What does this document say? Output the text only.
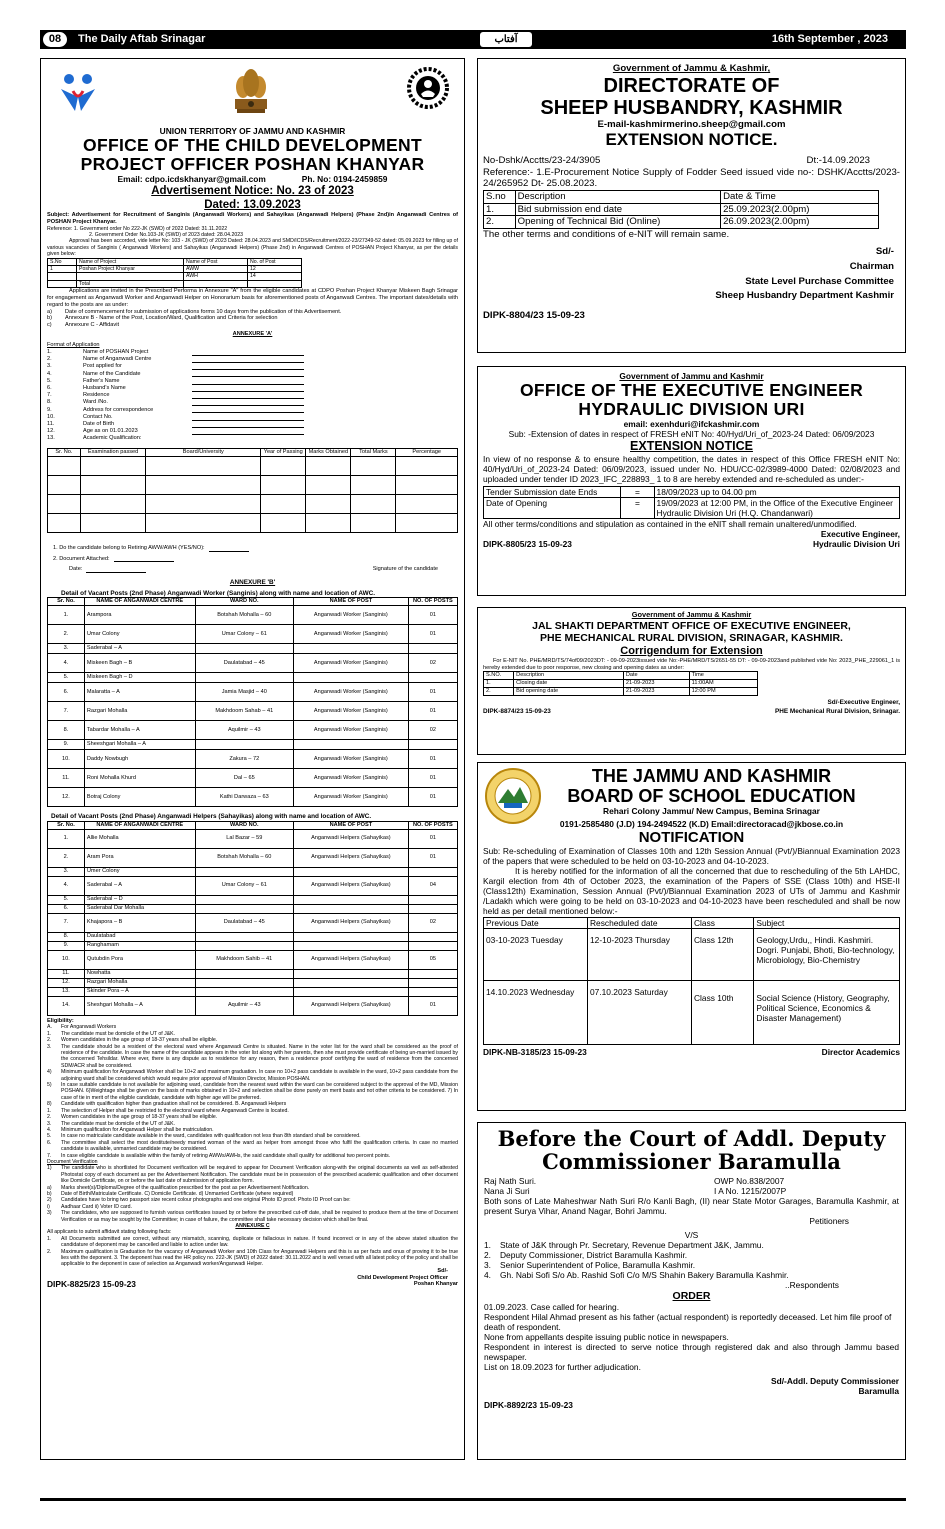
08	The Daily Aftab Srinagar	آفتاب	16th September , 2023
UNION TERRITORY OF JAMMU AND KASHMIR
OFFICE OF THE CHILD DEVELOPMENT
PROJECT OFFICER POSHAN KHANYAR
Email: cdpo.icdskhanyar@gmail.com	Ph. No: 0194-2459859
Advertisement Notice: No. 23 of 2023
Dated: 13.09.2023
Subject: Advertisement for Recruitment of Sanginis (Anganwadi Workers) and Sahayikas (Anganwadi Helpers) (Phase 2nd)in Anganwadi Centres of POSHAN Project Khanyar.
Reference: 1. Government order No 222-JK (SWD) of 2022 Dated: 31.11.2022
2. Government Order No.103-JK (SWD) of 2023 dated: 28.04.2023
Approval has been accorded, vide letter No: 103 - JK (SWD) of 2023 Dated: 28.04.2023 and SMD/ICDS/Recruitment/2022-23/27349-52 dated: 05.09.2023 for filling up of various vacancies of Sanginis ( Anganwadi Workers) and Sahayikas (Anganwadi Helpers) (Phase 2nd) in Anganwadi Centres of POSHAN Project Khanyar, as per the details given below:
S.No	Name of Project	Name of Post	No. of Post
1	Poshan Project Khanyar	AWW	12
		AWH	14
	Total		
Applications are invited in the Prescribed Performa in Annexure "A" from the eligible candidates at CDPO Poshan Project Khanyar Miskeen Bagh Srinagar for engagement as Anganwadi Worker and Anganwadi Helper on Honorarium basis for aforementioned posts of Anganwadi Centres. The important dates/details with regard to the posts are as under:
a)	Date of commencement for submission of applications forms 10 days from the publication of this Advertisement.
b)	Annexure B - Name of the Post, Location/Ward, Qualification and Criteria for selection
c)	Annexure C - Affidavit
ANNEXURE 'A'
Format of Application
1.	Name of POSHAN Project
2.	Name of Anganwadi Centre
3.	Post applied for
4.	Name of the Candidate
5.	Father's Name
6.	Husband's Name
7.	Residence
8.	Ward /No.
9.	Address for correspondence
10.	Contact No.
11.	Date of Birth
12.	Age as on 01.01.2023
13.	Academic Qualification:
Sr. No.	Examination passed	Board/University	Year of Passing	Marks Obtained	Total Marks	Percentage

1. Do the candidate belong to Retiring AWW/AWH (YES/NO):
2. Document Attached:
Date:	Signature of the candidate
ANNEXURE 'B'
Detail of Vacant Posts (2nd Phase) Anganwadi Worker (Sanginis) along with name and location of AWC.
Sr. No.	NAME OF ANGANWADI CENTRE	WARD NO.	NAME OF POST	NO. OF POSTS
1.	Arampora	Botshah Mohalla – 60	Anganwadi Worker (Sanginis)	01
2.	Umar Colony	Umar Colony – 61	Anganwadi Worker (Sanginis)	01
3.	Saderabal – A			
4.	Miskeen Bagh – B	Daulatabad – 45	Anganwadi Worker (Sanginis)	02
5.	Miskeen Bagh – D			
6.	Malaratta – A	Jamia Masjid – 40	Anganwadi Worker (Sanginis)	01
7.	Razgari Mohalla	Makhdoom Sahab – 41	Anganwadi Worker (Sanginis)	01
8.	Tabardar Mohalla – A	Aquilmir – 43	Anganwadi Worker (Sanginis)	02
9.	Sheeshgari Mohalla – A			
10.	Daddy Nowbugh	Zakura – 72	Anganwadi Worker (Sanginis)	01
11.	Roni Mohalla Khurd	Dal – 65	Anganwadi Worker (Sanginis)	01
12.	Botraj Colony	Kathi Darwaza – 63	Anganwadi Worker (Sanginis)	01
Detail of Vacant Posts (2nd Phase) Anganwadi Helpers (Sahayikas) along with name and location of AWC.
Sr. No.	NAME OF ANGANWADI CENTRE	WARD NO.	NAME OF POST	NO. OF POSTS
1.	Allie Mohalla	Lal Bazar – 59	Anganwadi Helpers (Sahayikas)	01
2.	Aram Pora	Botshah Mohalla – 60	Anganwadi Helpers (Sahayikas)	01
3.	Umer Colony			
4.	Saderabal – A	Umar Colony – 61	Anganwadi Helpers (Sahayikas)	04
5.	Saderabal – D			
6.	Saderabal Dar Mohalla			
7.	Khajapora – B	Daulatabad – 45	Anganwadi Helpers (Sahayikas)	02
8.	Daulatabad			
9.	Ranghamam			
10.	Qutubdin Pora	Makhdoom Sahib – 41	Anganwadi Helpers (Sahayikas)	05
11.	Nowhatta			
12.	Razgari Mohalla			
13.	Skinder Pora – A			
14.	Sheshgari Mohalla – A	Aquilmir – 43	Anganwadi Helpers (Sahayikas)	01
Eligibility:
A.	For Anganwadi Workers
1.	The candidate must be domicile of the UT of J&K.
2.	Women candidates in the age group of 18-37 years shall be eligible.
3.	The candidate should be a resident of the electoral ward where Anganwadi Centre is situated. Name in the voter list for the ward shall be considered as the proof of residence of the candidate. In case the name of the candidate appears in the voter list along with her parents, then she must provide certificate of being un-married issued by the concerned Tehsildar. Where ever, there is any dispute as to residence for any reason, then a residence proof certifying the ward of residence from the concerned SDM/ACR shall be considered.
4)	Minimum qualification for Anganwadi Worker shall be 10+2 and maximum graduation. In case no 10+2 pass candidate is available in the ward, 10+2 pass candidate from the adjoining ward shall be considered which would require prior approval of Mission Director, Mission POSHAN.
5)	In case suitable candidate is not available for adjoining ward, candidate from the nearest ward within the ward can be considered subject to the approval of the MD, Mission POSHAN. 6)Weightage shall be given on the basis of marks obtained in 10+2 and selection shall be done purely on merit basis and not other criteria to be considered. 7) In case of tie in merit of the eligible candidate, candidate with higher age will be preferred.
8)	Candidate with qualification higher than graduation shall not be considered. B. Anganwadi Helpers
1.	The selection of Helper shall be restricted to the electoral ward where Anganwadi Centre is located.
2.	Women candidates in the age group of 18-37 years shall be eligible.
3.	The candidate must be domicile of the UT of J&K.
4.	Minimum qualification for Anganwadi Helper shall be matriculation.
5.	In case no matriculate candidate available in the ward, candidates with qualification not less than 8th standard shall be considered.
6.	The committee shall select the most destitute/needy married woman of the ward as helper from amongst those who fulfil the qualification criteria. In case no married candidate is available, unmarried candidate may be considered.
7.	In case eligible candidate is available within the family of retiring AWWs/AWHs, the said candidate shall qualify for additional two percent points.
Document Verification
1)	The candidate who is shortlisted for Document verification will be required to appear for Document Verification along-with the original documents as well as self-attested Photostat copy of each document as per the Advertisement Notification. The candidate must be in possession of the prescribed academic qualification and other document like Domicile Certificate, on or before the last date of submission of application form.
a)	Marks sheet(s)/Diploma/Degree of the qualification prescribed for the post as per Advertisement Notification.
b)	Date of Birth/Matriculate Certificate. C) Domicile Certificate. d) Unmarried Certificate (where required)
2)	Candidates have to bring two passport size recent colour photographs and one original Photo ID proof. Photo ID Proof can be:
i)	Aadhaar Card ii) Voter ID card.
3)	The candidates, who are supposed to furnish various certificates issued by or before the prescribed cut-off date, shall be required to produce them at the time of Document Verification or as may be sought by the Committee; in case of failure, the committee shall take necessary decision which shall be final.
ANNEXURE C
All applicants to submit affidavit stating following facts:
1.	All Documents submitted are correct, without any mismatch, scanning, duplicate or fallacious in nature. If found incorrect or in any of the above stated situation the candidature of deponent may be cancelled and liable to action under law.
2.	Maximum qualification is Graduation for the vacancy of Anganwadi Worker and 10th Class for Anganwadi Helpers and this is as per facts and onus of proving it to be true lies with the deponent. 3. The deponent has read the HR policy no. 222-JK (SWD) of 2022 dated: 30.11.2022 and is well versed with all latest policy of the policy and shall be applicable to the deponent in case of selection as Anganwadi worker/Anganwadi Helper.
Sd/-
Child Development Project Officer
DIPK-8825/23 15-09-23	Poshan Khanyar
Government of Jammu & Kashmir,
DIRECTORATE OF
SHEEP HUSBANDRY, KASHMIR
E-mail-kashmirmerino.sheep@gmail.com
EXTENSION NOTICE.
No-Dshk/Acctts/23-24/3905	Dt:-14.09.2023
Reference:- 1.E-Procurement Notice Supply of Fodder Seed issued vide no-: DSHK/Acctts/2023-24/265952 Dt- 25.08.2023.
S.no	Description	Date & Time
1.	Bid submission end date	25.09.2023(2.00pm)
2.	Opening of Technical Bid (Online)	26.09.2023(2.00pm)
The other terms and conditions of e-NIT will remain same.
Sd/-
Chairman
State Level Purchase Committee
Sheep Husbandry Department Kashmir
DIPK-8804/23 15-09-23
Government of Jammu and Kashmir
OFFICE OF THE EXECUTIVE ENGINEER
HYDRAULIC DIVISION URI
email: exenhduri@ifckashmir.com
Sub: -Extension of dates in respect of FRESH eNIT No: 40/Hyd/Uri_of_2023-24 Dated: 06/09/2023
EXTENSION NOTICE
In view of no response & to ensure healthy competition, the dates in respect of this Office FRESH eNIT No: 40/Hyd/Uri_of_2023-24 Dated: 06/09/2023, issued under No. HDU/CC-02/3989-4000 Dated: 02/08/2023 and uploaded under tender ID 2023_IFC_228893_ 1 to 8 are hereby extended and re-scheduled as under:-
Tender Submission date Ends	=	18/09/2023 up to 04.00 pm
Date of Opening	=	19/09/2023 at 12:00 PM, in the Office of the Executive Engineer Hydraulic Division Uri (H.Q. Chandanwari)
All other terms/conditions and stipulation as contained in the eNIT shall remain unaltered/unmodified.
Executive Engineer,
DIPK-8805/23 15-09-23	Hydraulic Division Uri
Government of Jammu & Kashmir
JAL SHAKTI DEPARTMENT OFFICE OF EXECUTIVE ENGINEER,
PHE MECHANICAL RURAL DIVISION, SRINAGAR, KASHMIR.
Corrigendum for Extension
For E-NIT No. PHE/MRD/TS/74of09/2023DT: - 09-09-2023issued vide No:-PHE/MRD/TS/2651-55 DT: - 09-09-2023and published vide No: 2023_PHE_229061_1 is hereby extended due to poor response, new closing and opening dates as under:
S.NO.	Description	Date	Time
1.	Closing date	21-09-2023	11:00AM
2.	Bid opening date	21-09-2023	12:00 PM
Sd/-Executive Engineer,
DIPK-8874/23 15-09-23	PHE Mechanical Rural Division, Srinagar.
THE JAMMU AND KASHMIR
BOARD OF SCHOOL EDUCATION
Rehari Colony Jammu/ New Campus, Bemina Srinagar
0191-2585480 (J.D) 194-2494522 (K.D) Email:directoracad@jkbose.co.in
NOTIFICATION
Sub: Re-scheduling of Examination of Classes 10th and 12th Session Annual (Pvt/)/Biannual Examination 2023 of the papers that were scheduled to be held on 03-10-2023 and 04-10-2023.
It is hereby notified for the information of all the concerned that due to rescheduling of the 5th LAHDC, Kargil election from 4th of October 2023, the examination of the Papers of SSE (Class 10th) and HSE-II (Class12th) Examination, Session Annual (Pvt/)/Biannual Examination 2023 of UTs of Jammu and Kashmir /Ladakh which were going to be held on 03-10-2023 and 04-10-2023 have been rescheduled and shall be now held as per detail mentioned below:-
Previous Date	Rescheduled date	Class	Subject
03-10-2023 Tuesday	12-10-2023 Thursday	Class 12th	Geology,Urdu,, Hindi. Kashmiri. Dogri. Punjabi, Bhoti, Bio-technology, Microbiology, Bio-Chemistry
14.10.2023 Wednesday	07.10.2023 Saturday	Class 10th	Social Science (History, Geography, Political Science, Economics & Disaster Management)
DIPK-NB-3185/23 15-09-23	Director Academics
Before the Court of Addl. Deputy
Commissioner Baramulla
Raj Nath Suri.	OWP No.838/2007
Nana Ji Suri	I A No. 1215/2007P
Both sons of Late Maheshwar Nath Suri R/o Kanli Bagh, (II) near State Motor Garages, Baramulla Kashmir, at present Surya Vihar, Anand Nagar, Bohri Jammu.
Petitioners
V/S
1.	State of J&K through Pr. Secretary, Revenue Department J&K, Jammu.
2.	Deputy Commissioner, District Baramulla Kashmir.
3.	Senior Superintendent of Police, Baramulla Kashmir.
4.	Gh. Nabi Sofi S/o Ab. Rashid Sofi C/o M/S Shahin Bakery Baramulla Kashmir.
..Respondents
ORDER
01.09.2023. Case called for hearing.
Respondent Hilal Ahmad present as his father (actual respondent) is reportedly deceased. Let him file proof of death of respondent.
None from appellants despite issuing public notice in newspapers.
Respondent in interest is directed to serve notice through registered dak and also through Jammu based newspaper.
List on 18.09.2023 for further adjudication.
Sd/-Addl. Deputy Commissioner
Baramulla
DIPK-8892/23 15-09-23
